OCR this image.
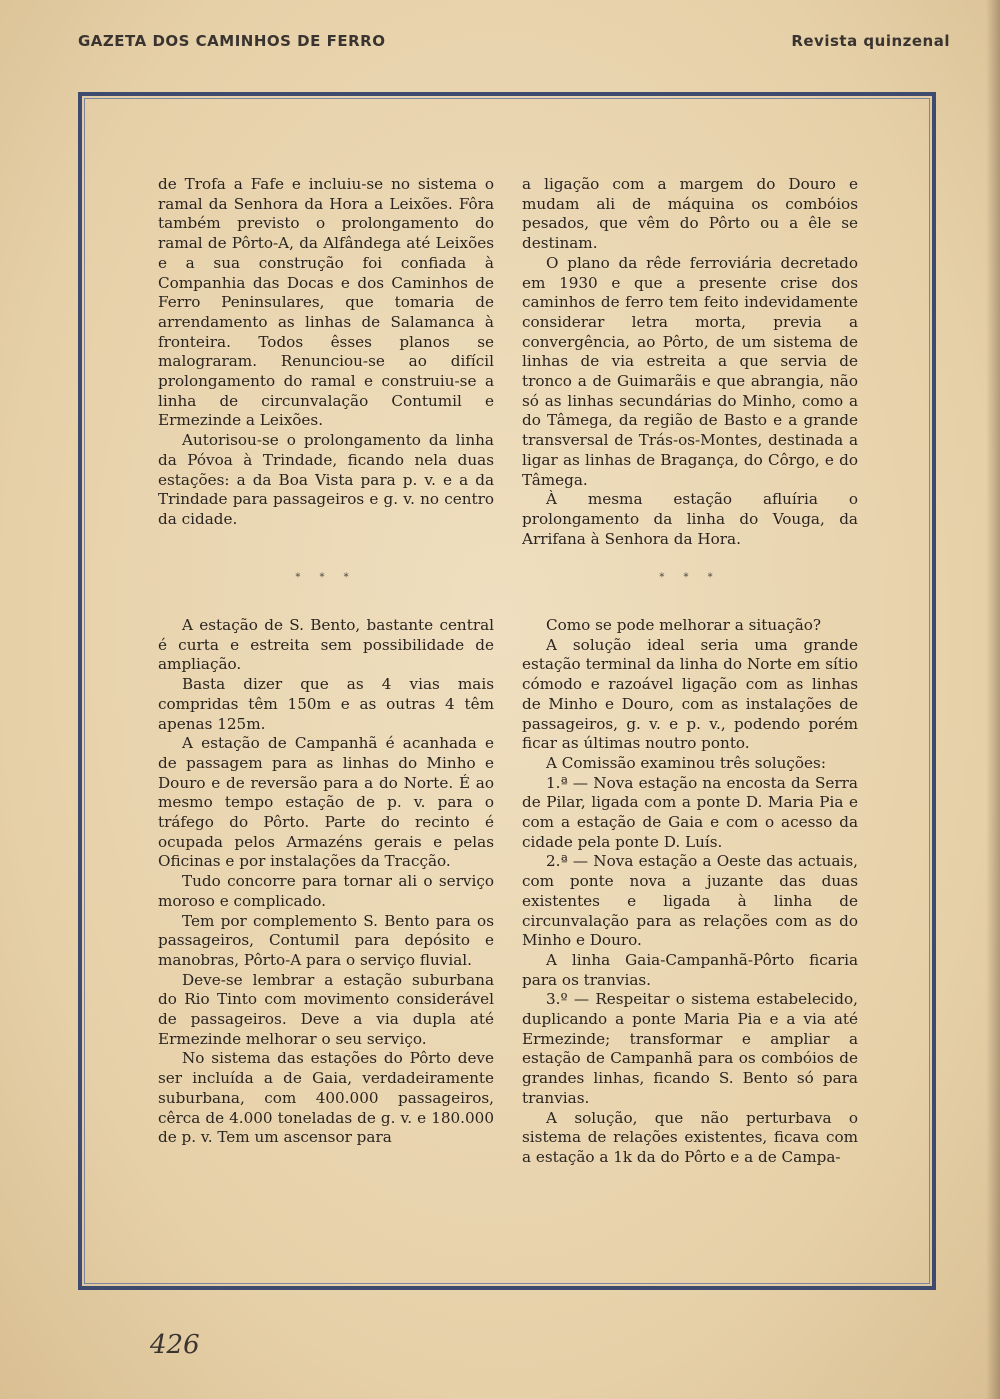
GAZETA DOS CAMINHOS DE FERRO	Revista quinzenal

de Trofa a Fafe e incluiu-se no sistema o ramal da Senhora da Hora a Leixões. Fôra também previsto o prolongamento do ramal de Pôrto-A, da Alfândega até Leixões e a sua construção foi confiada à Companhia das Docas e dos Caminhos de Ferro Peninsulares, que tomaria de arrendamento as linhas de Salamanca à fronteira. Todos êsses planos se malograram. Renunciou-se ao difícil prolongamento do ramal e construiu-se a linha de circunvalação Contumil e Ermezinde a Leixões.

Autorisou-se o prolongamento da linha da Póvoa à Trindade, ficando nela duas estações: a da Boa Vista para p. v. e a da Trindade para passageiros e g. v. no centro da cidade.

a ligação com a margem do Douro e mudam ali de máquina os combóios pesados, que vêm do Pôrto ou a êle se destinam.

O plano da rêde ferroviária decretado em 1930 e que a presente crise dos caminhos de ferro tem feito indevidamente considerar letra morta, previa a convergência, ao Pôrto, de um sistema de linhas de via estreita a que servia de tronco a de Guimarãis e que abrangia, não só as linhas secundárias do Minho, como a do Tâmega, da região de Basto e a grande transversal de Trás-os-Montes, destinada a ligar as linhas de Bragança, do Côrgo, e do Tâmega.

À mesma estação afluíria o prolongamento da linha do Vouga, da Arrifana à Senhora da Hora.

* * *	* * *

A estação de S. Bento, bastante central é curta e estreita sem possibilidade de ampliação.

Basta dizer que as 4 vias mais compridas têm 150m e as outras 4 têm apenas 125m.

A estação de Campanhã é acanhada e de passagem para as linhas do Minho e Douro e de reversão para a do Norte. É ao mesmo tempo estação de p. v. para o tráfego do Pôrto. Parte do recinto é ocupada pelos Armazéns gerais e pelas Oficinas e por instalações da Tracção.

Tudo concorre para tornar ali o serviço moroso e complicado.

Tem por complemento S. Bento para os passageiros, Contumil para depósito e manobras, Pôrto-A para o serviço fluvial.

Deve-se lembrar a estação suburbana do Rio Tinto com movimento considerável de passageiros. Deve a via dupla até Ermezinde melhorar o seu serviço.

No sistema das estações do Pôrto deve ser incluída a de Gaia, verdadeiramente suburbana, com 400.000 passageiros, cêrca de 4.000 toneladas de g. v. e 180.000 de p. v. Tem um ascensor para

Como se pode melhorar a situação?

A solução ideal seria uma grande estação terminal da linha do Norte em sítio cómodo e razoável ligação com as linhas de Minho e Douro, com as instalações de passageiros, g. v. e p. v., podendo porém ficar as últimas noutro ponto.

A Comissão examinou três soluções:

1.ª — Nova estação na encosta da Serra de Pilar, ligada com a ponte D. Maria Pia e com a estação de Gaia e com o acesso da cidade pela ponte D. Luís.

2.ª — Nova estação a Oeste das actuais, com ponte nova a juzante das duas existentes e ligada à linha de circunvalação para as relações com as do Minho e Douro.

A linha Gaia-Campanhã-Pôrto ficaria para os tranvias.

3.º — Respeitar o sistema estabelecido, duplicando a ponte Maria Pia e a via até Ermezinde; transformar e ampliar a estação de Campanhã para os combóios de grandes linhas, ficando S. Bento só para tranvias.

A solução, que não perturbava o sistema de relações existentes, ficava com a estação a 1k da do Pôrto e a de Campa-

426
